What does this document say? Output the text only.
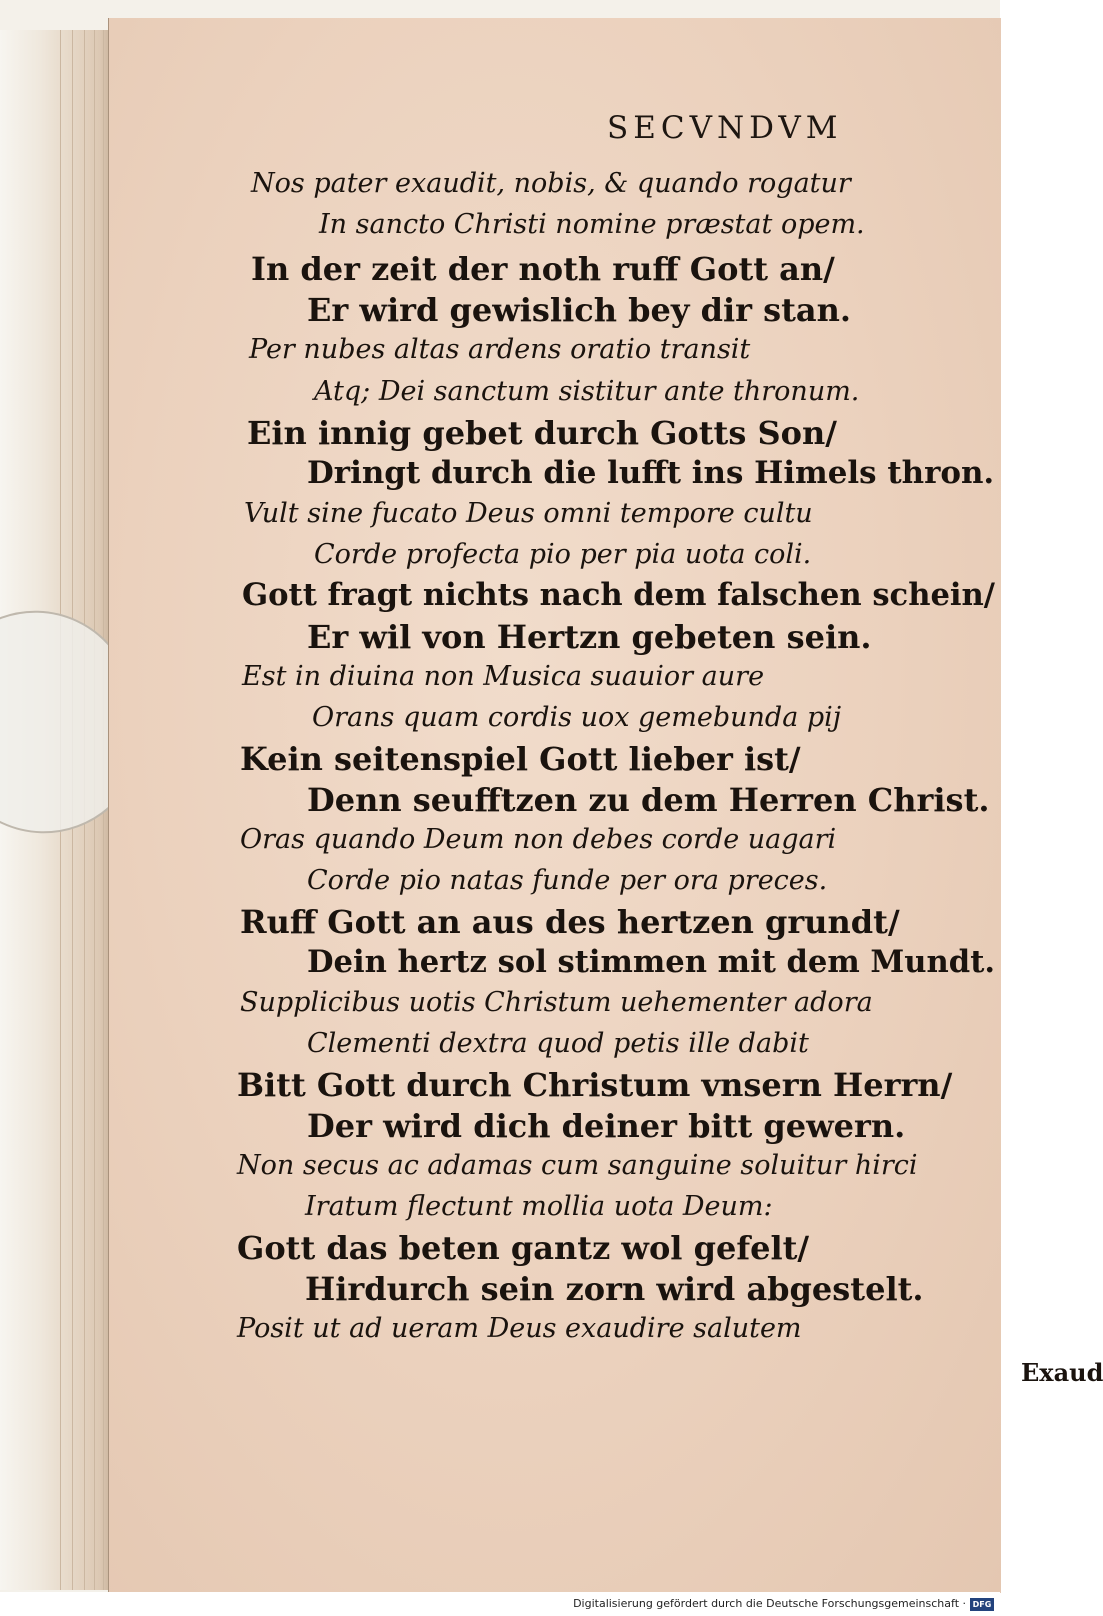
SECVNDVM
Nos pater exaudit, nobis, & quando rogatur
In sancto Christi nomine præstat opem.
In der zeit der noth ruff Gott an/
Er wird gewislich bey dir stan.
Per nubes altas ardens oratio transit
Atq; Dei sanctum sistitur ante thronum.
Ein innig gebet durch Gotts Son/
Dringt durch die lufft ins Himels thron.
Vult sine fucato Deus omni tempore cultu
Corde profecta pio per pia uota coli.
Gott fragt nichts nach dem falschen schein/
Er wil von Hertzn gebeten sein.
Est in diuina non Musica suauior aure
Orans quam cordis uox gemebunda pij
Kein seitenspiel Gott lieber ist/
Denn seufftzen zu dem Herren Christ.
Oras quando Deum non debes corde uagari
Corde pio natas funde per ora preces.
Ruff Gott an aus des hertzen grundt/
Dein hertz sol stimmen mit dem Mundt.
Supplicibus uotis Christum uehementer adora
Clementi dextra quod petis ille dabit
Bitt Gott durch Christum vnsern Herrn/
Der wird dich deiner bitt gewern.
Non secus ac adamas cum sanguine soluitur hirci
Iratum flectunt mollia uota Deum:
Gott das beten gantz wol gefelt/
Hirdurch sein zorn wird abgestelt.
Posit ut ad ueram Deus exaudire salutem
Exaud
Digitalisierung gefördert durch die Deutsche Forschungsgemeinschaft · DFG
